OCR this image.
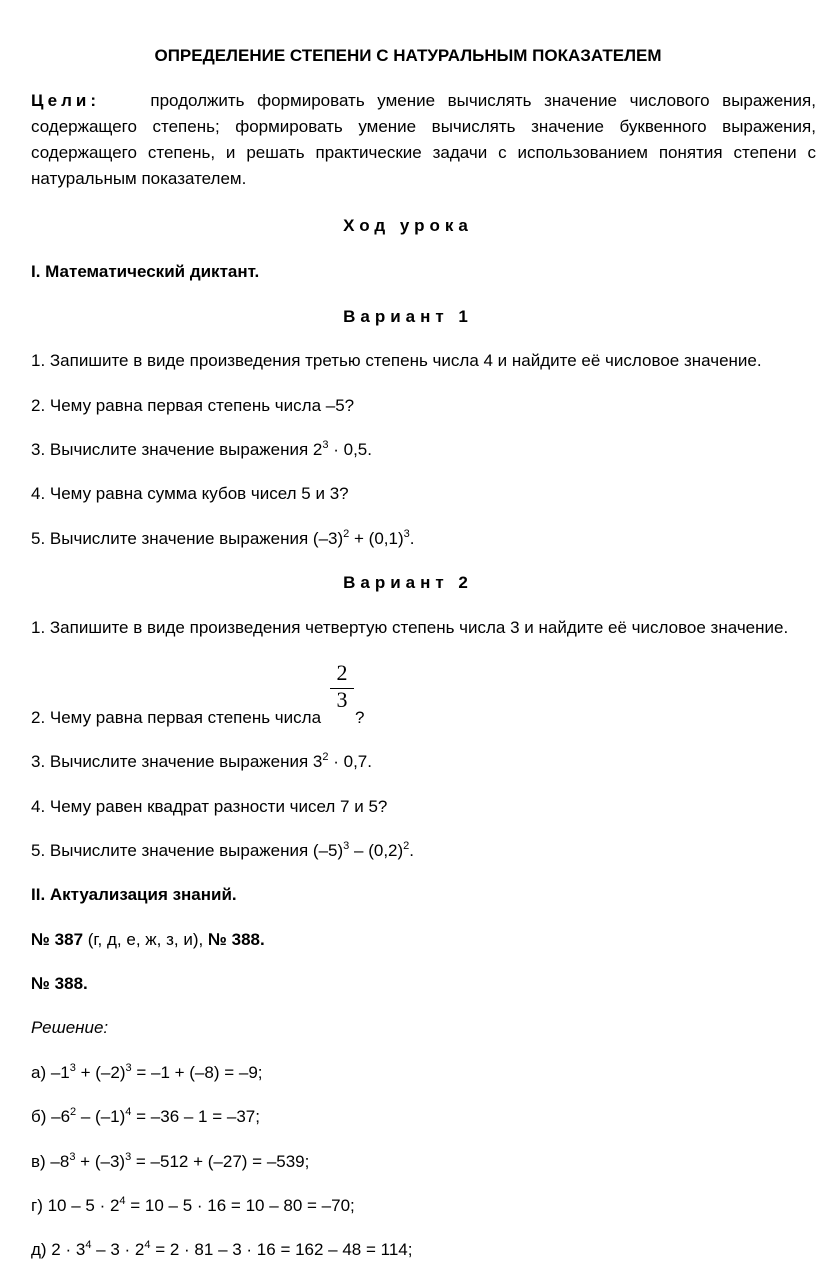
ОПРЕДЕЛЕНИЕ СТЕПЕНИ С НАТУРАЛЬНЫМ ПОКАЗАТЕЛЕМ
Цели:	продолжить формировать умение вычислять значение числового выражения,
содержащего степень; формировать умение вычислять значение буквенного выражения,
содержащего степень, и решать практические задачи с использованием понятия степени с
натуральным показателем.
Ход урока
I. Математический диктант.
Вариант 1
1. Запишите в виде произведения третью степень числа 4 и найдите её числовое значение.
2. Чему равна первая степень числа –5?
3. Вычислите значение выражения $2^3 \cdot 0,5$.
4. Чему равна сумма кубов чисел 5 и 3?
5. Вычислите значение выражения $(-3)^2 + (0,1)^3$.
Вариант 2
1. Запишите в виде произведения четвертую степень числа 3 и найдите её числовое значение.
2
3
2. Чему равна первая степень числа ?
3. Вычислите значение выражения $3^2 \cdot 0,7$.
4. Чему равен квадрат разности чисел 7 и 5?
5. Вычислите значение выражения $(-5)^3 - (0,2)^2$.
II. Актуализация знаний.
№ 387 (г, д, е, ж, з, и), № 388.
№ 388.
Решение:
а) $-1^3 + (-2)^3 = -1 + (-8) = -9$;
б) $-6^2 - (-1)^4 = -36 - 1 = -37$;
в) $-8^3 + (-3)^3 = -512 + (-27) = -539$;
г) $10 - 5 \cdot 2^4 = 10 - 5 \cdot 16 = 10 - 80 = -70$;
д) $2 \cdot 3^4 - 3 \cdot 2^4 = 2 \cdot 81 - 3 \cdot 16 = 162 - 48 = 114$;
